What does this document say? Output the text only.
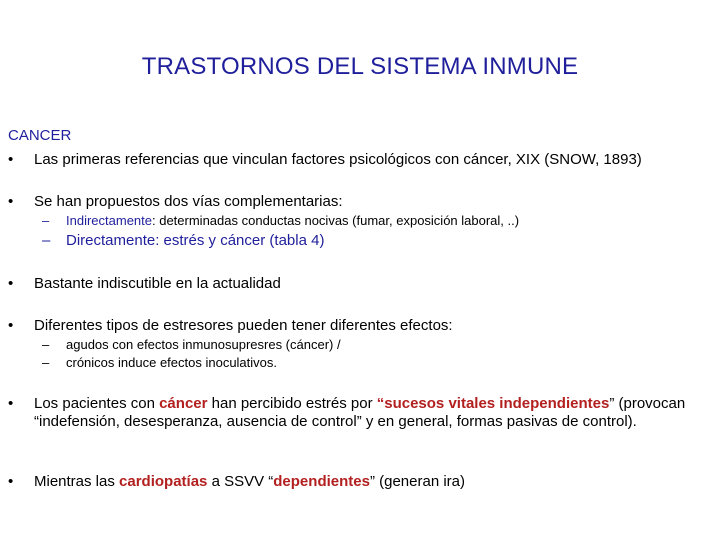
TRASTORNOS DEL SISTEMA INMUNE
CANCER
•	Las primeras referencias que vinculan factores psicológicos con cáncer, XIX (SNOW, 1893)
•	Se han propuestos dos vías complementarias:
– Indirectamente: determinadas conductas nocivas (fumar, exposición laboral, ..)
– Directamente: estrés y cáncer (tabla 4)
•	Bastante indiscutible en la actualidad
•	Diferentes tipos de estresores pueden tener diferentes efectos:
– agudos con efectos inmunosupresres (cáncer) /
– crónicos induce efectos inoculativos.
•	Los pacientes con cáncer han percibido estrés por “sucesos vitales independientes” (provocan “indefensión, desesperanza, ausencia de control” y en general, formas pasivas de control).
•	Mientras las cardiopatías a SSVV “dependientes” (generan ira)
